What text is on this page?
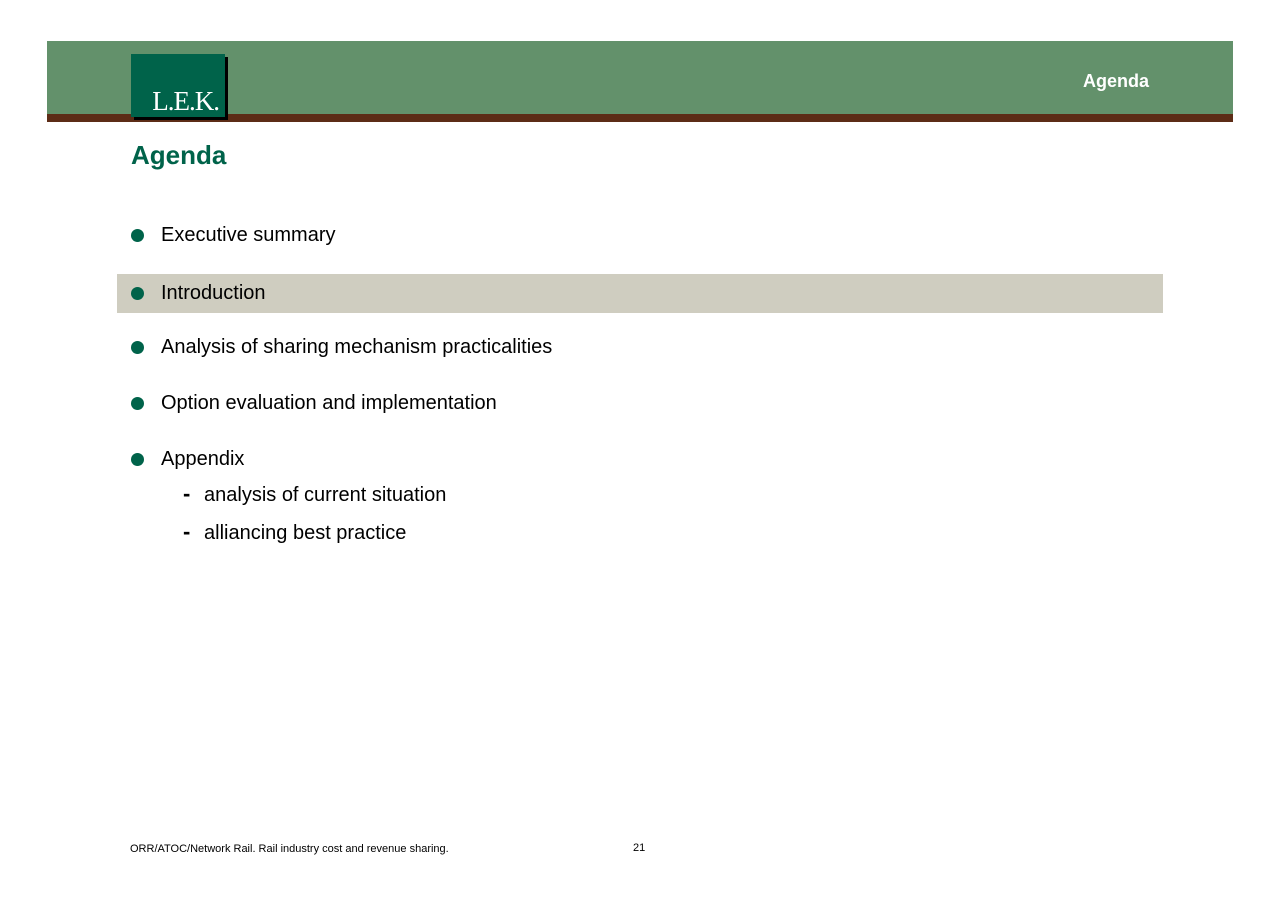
L.E.K.
Agenda
Agenda
Executive summary
Introduction
Analysis of sharing mechanism practicalities
Option evaluation and implementation
Appendix
- analysis of current situation
- alliancing best practice
ORR/ATOC/Network Rail. Rail industry cost and revenue sharing.	21
